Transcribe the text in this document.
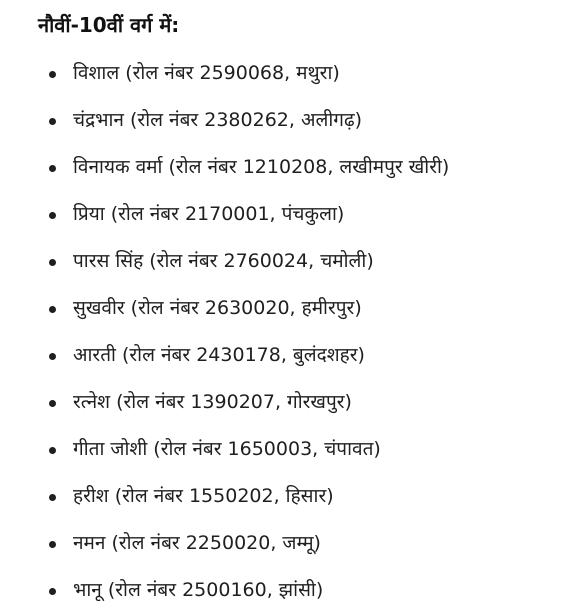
नौवीं-10वीं वर्ग में:
विशाल (रोल नंबर 2590068, मथुरा)
चंद्रभान (रोल नंबर 2380262, अलीगढ़)
विनायक वर्मा (रोल नंबर 1210208, लखीमपुर खीरी)
प्रिया (रोल नंबर 2170001, पंचकुला)
पारस सिंह (रोल नंबर 2760024, चमोली)
सुखवीर (रोल नंबर 2630020, हमीरपुर)
आरती (रोल नंबर 2430178, बुलंदशहर)
रत्नेश (रोल नंबर 1390207, गोरखपुर)
गीता जोशी (रोल नंबर 1650003, चंपावत)
हरीश (रोल नंबर 1550202, हिसार)
नमन (रोल नंबर 2250020, जम्मू)
भानू (रोल नंबर 2500160, झांसी)
